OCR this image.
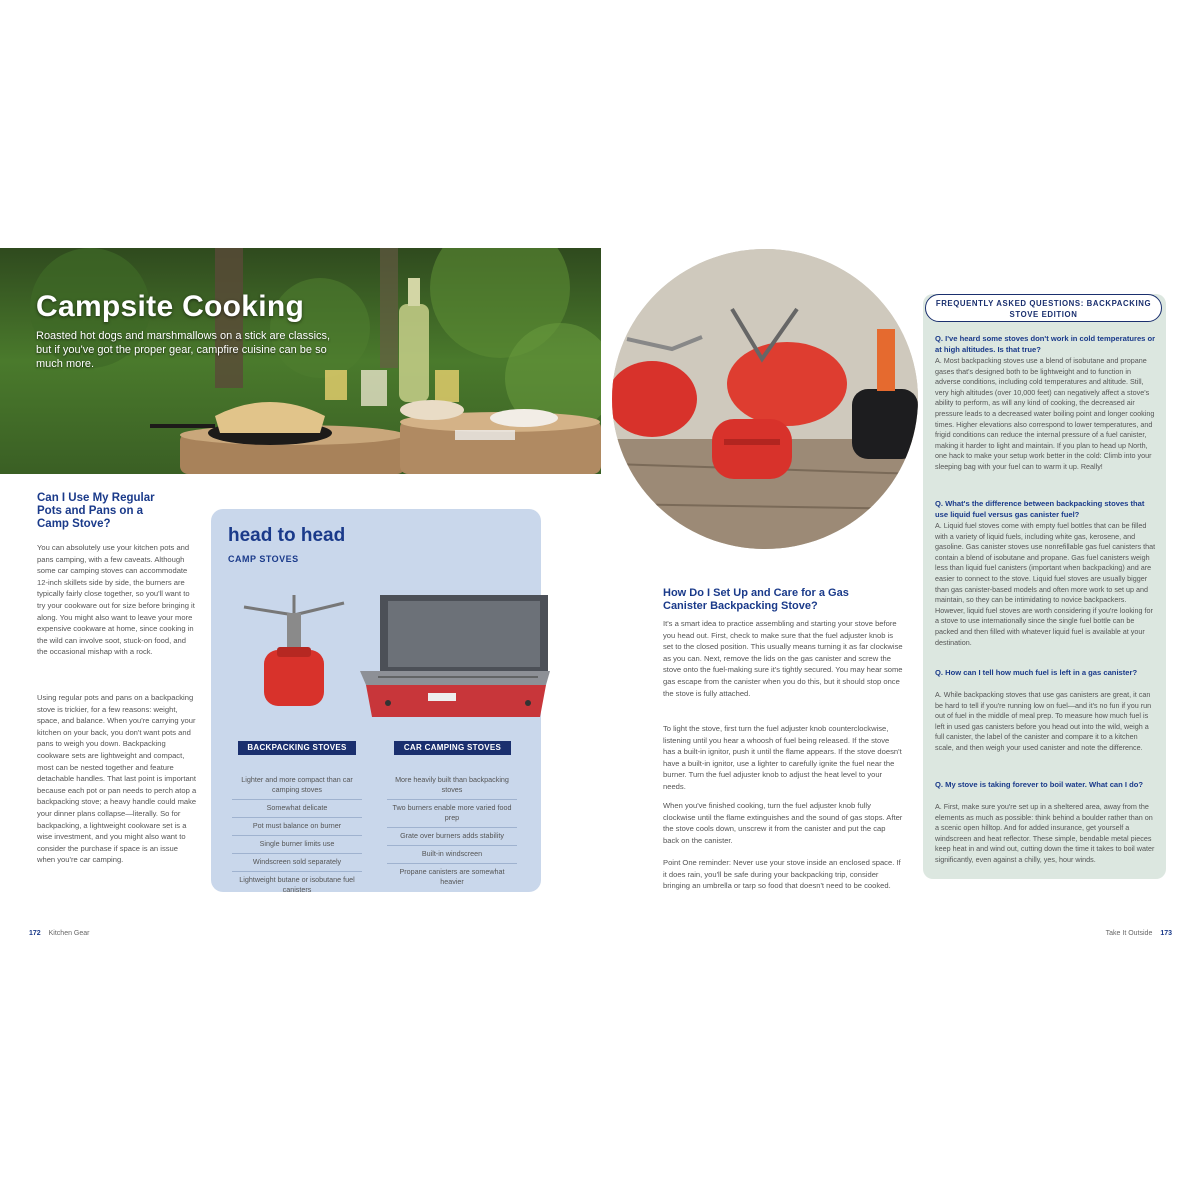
Campsite Cooking

Roasted hot dogs and marshmallows on a stick are classics, but if you've got the proper gear, campfire cuisine can be so much more.

Can I Use My Regular Pots and Pans on a Camp Stove?
You can absolutely use your kitchen pots and pans camping, with a few caveats. Although some car camping stoves can accommodate 12-inch skillets side by side, the burners are typically fairly close together, so you'll want to try your cookware out for size before bringing it along. You might also want to leave your more expensive cookware at home, since cooking in the wild can involve soot, stuck-on food, and the occasional mishap with a rock.
Using regular pots and pans on a backpacking stove is trickier, for a few reasons: weight, space, and balance. When you're carrying your kitchen on your back, you don't want pots and pans to weigh you down. Backpacking cookware sets are lightweight and compact, most can be nested together and feature detachable handles. That last point is important because each pot or pan needs to perch atop a backpacking stove; a heavy handle could make your dinner plans collapse—literally. So for backpacking, a lightweight cookware set is a wise investment, and you might also want to consider the purchase if space is an issue when you're car camping.
head to head

CAMP STOVES

BACKPACKING STOVES	CAR CAMPING STOVES
Lighter and more compact than car camping stoves
Somewhat delicate
Pot must balance on burner
Single burner limits use
Windscreen sold separately
Lightweight butane or isobutane fuel canisters
More heavily built than backpacking stoves
Two burners enable more varied food prep
Grate over burners adds stability
Built-in windscreen
Propane canisters are somewhat heavier
How Do I Set Up and Care for a Gas Canister Backpacking Stove?
It's a smart idea to practice assembling and starting your stove before you head out. First, check to make sure that the fuel adjuster knob is set to the closed position. This usually means turning it as far clockwise as you can. Next, remove the lids on the gas canister and screw the stove onto the fuel-making sure it's tightly secured. You may hear some gas escape from the canister when you do this, but it should stop once the stove is fully attached.
To light the stove, first turn the fuel adjuster knob counterclockwise, listening until you hear a whoosh of fuel being released. If the stove has a built-in ignitor, push it until the flame appears. If the stove doesn't have a built-in ignitor, use a lighter to carefully ignite the fuel near the burner. Turn the fuel adjuster knob to adjust the heat level to your needs.
When you've finished cooking, turn the fuel adjuster knob fully clockwise until the flame extinguishes and the sound of gas stops. After the stove cools down, unscrew it from the canister and put the cap back on the canister.
Point One reminder: Never use your stove inside an enclosed space. If it does rain, you'll be safe during your backpacking trip, consider bringing an umbrella or tarp so food that doesn't need to be cooked.
FREQUENTLY ASKED QUESTIONS: BACKPACKING STOVE EDITION
Q. I've heard some stoves don't work in cold temperatures or at high altitudes. Is that true?
A. Most backpacking stoves use a blend of isobutane and propane gases that's designed both to be lightweight and to function in adverse conditions, including cold temperatures and altitude. Still, very high altitudes (over 10,000 feet) can negatively affect a stove's ability to perform, as will any kind of cooking, the decreased air pressure leads to a decreased water boiling point and longer cooking times. Higher elevations also correspond to lower temperatures, and frigid conditions can reduce the internal pressure of a fuel canister, making it harder to light and maintain. If you plan to head up North, one hack to make your setup work better in the cold: Climb into your sleeping bag with your fuel can to warm it up. Really!
Q. What's the difference between backpacking stoves that use liquid fuel versus gas canister fuel?
A. Liquid fuel stoves come with empty fuel bottles that can be filled with a variety of liquid fuels, including white gas, kerosene, and gasoline. Gas canister stoves use nonrefillable gas fuel canisters that contain a blend of isobutane and propane. Gas fuel canisters weigh less than liquid fuel canisters (important when backpacking) and are easier to connect to the stove. Liquid fuel stoves are usually bigger than gas canister-based models and often more work to set up and maintain, so they can be intimidating to novice backpackers. However, liquid fuel stoves are worth considering if you're looking for a stove to use internationally since the single fuel bottle can be packed and then filled with whatever liquid fuel is available at your destination.
Q. How can I tell how much fuel is left in a gas canister?
A. While backpacking stoves that use gas canisters are great, it can be hard to tell if you're running low on fuel—and it's no fun if you run out of fuel in the middle of meal prep. To measure how much fuel is left in used gas canisters before you head out into the wild, weigh a full canister, the label of the canister and compare it to a kitchen scale, and then weigh your used canister and note the difference.
Q. My stove is taking forever to boil water. What can I do?
A. First, make sure you're set up in a sheltered area, away from the elements as much as possible: think behind a boulder rather than on a scenic open hilltop. And for added insurance, get yourself a windscreen and heat reflector. These simple, bendable metal pieces keep heat in and wind out, cutting down the time it takes to boil water significantly, even against a chilly, yes, hour winds.
172 Kitchen Gear	Take It Outside 173
